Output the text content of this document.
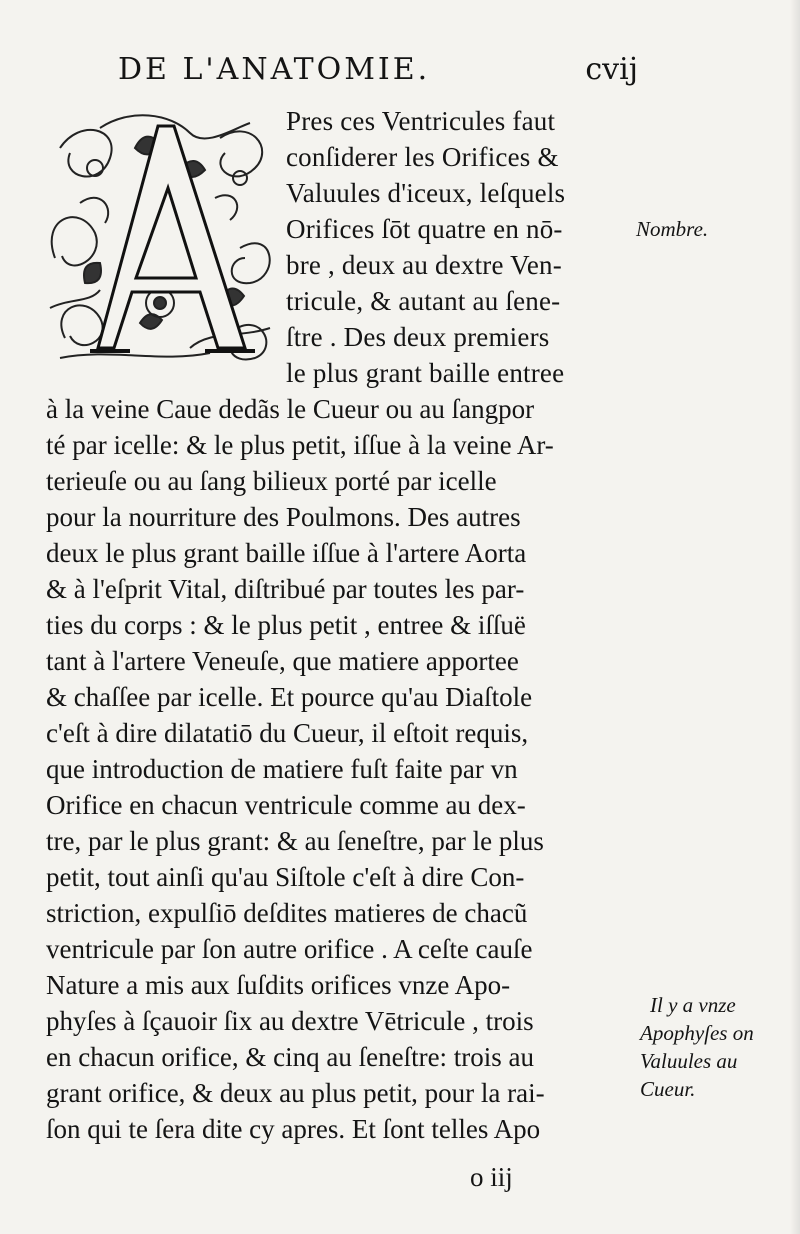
DE L'ANATOMIE.	cvij
Pres ces Ventricules faut
conſiderer les Orifices &
Valuules d'iceux, leſquels
Orifices ſōt quatre en nō-
bre , deux au dextre Ven-
tricule, & autant au ſene-
ſtre . Des deux premiers
le plus grant baille entree
à la veine Caue dedãs le Cueur ou au ſangpor
té par icelle: & le plus petit, iſſue à la veine Ar-
terieuſe ou au ſang bilieux porté par icelle
pour la nourriture des Poulmons. Des autres
deux le plus grant baille iſſue à l'artere Aorta
& à l'eſprit Vital, diſtribué par toutes les par-
ties du corps : & le plus petit , entree & iſſuë
tant à l'artere Veneuſe, que matiere apportee
& chaſſee par icelle. Et pource qu'au Diaſtole
c'eſt à dire dilatatiō du Cueur, il eſtoit requis,
que introduction de matiere fuſt faite par vn
Orifice en chacun ventricule comme au dex-
tre, par le plus grant: & au ſeneſtre, par le plus
petit, tout ainſi qu'au Siſtole c'eſt à dire Con-
striction, expulſiō deſdites matieres de chacũ
ventricule par ſon autre orifice . A ceſte cauſe
Nature a mis aux ſuſdits orifices vnze Apo-
phyſes à ſçauoir ſix au dextre Vētricule , trois
en chacun orifice, & cinq au ſeneſtre: trois au
grant orifice, & deux au plus petit, pour la rai-
ſon qui te ſera dite cy apres. Et ſont telles Apo
Nombre.
Il y a vnze
Apophyſes on
Valuules au
Cueur.
o iij
